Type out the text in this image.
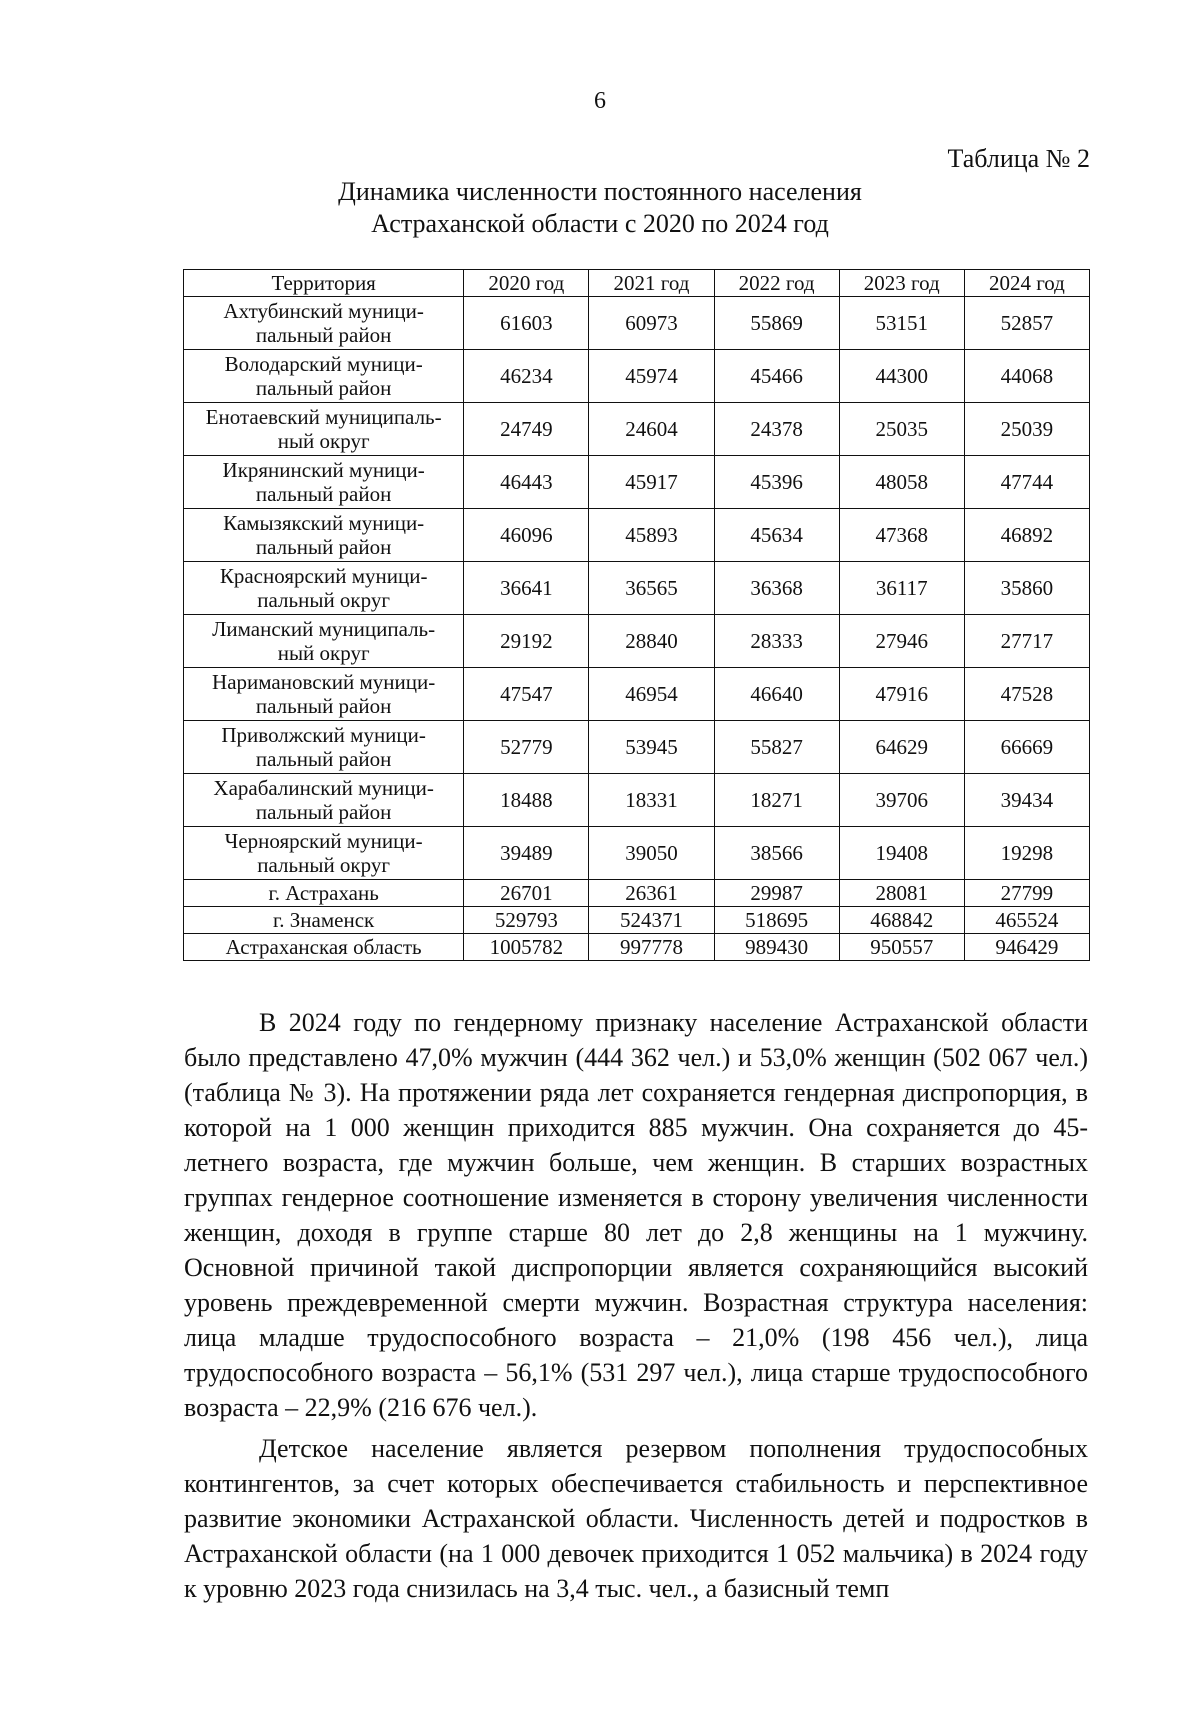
6
Таблица № 2
Динамика численности постоянного населения
Астраханской области с 2020 по 2024 год
Территория	2020 год	2021 год	2022 год	2023 год	2024 год

Ахтубинский муници-
пальный район	61603	60973	55869	53151	52857

Володарский муници-
пальный район	46234	45974	45466	44300	44068

Енотаевский муниципаль-
ный округ	24749	24604	24378	25035	25039

Икрянинский муници-
пальный район	46443	45917	45396	48058	47744

Камызякский муници-
пальный район	46096	45893	45634	47368	46892

Красноярский муници-
пальный округ	36641	36565	36368	36117	35860

Лиманский муниципаль-
ный округ	29192	28840	28333	27946	27717

Наримановский муници-
пальный район	47547	46954	46640	47916	47528

Приволжский муници-
пальный район	52779	53945	55827	64629	66669

Харабалинский муници-
пальный район	18488	18331	18271	39706	39434

Черноярский муници-
пальный округ	39489	39050	38566	19408	19298

г. Астрахань	26701	26361	29987	28081	27799

г. Знаменск	529793	524371	518695	468842	465524

Астраханская область	1005782	997778	989430	950557	946429

В 2024 году по гендерному признаку население Астраханской области было представлено 47,0% мужчин (444 362 чел.) и 53,0% женщин (502 067 чел.) (таблица № 3). На протяжении ряда лет сохраняется гендерная диспропорция, в которой на 1 000 женщин приходится 885 мужчин. Она сохраняется до 45-летнего возраста, где мужчин больше, чем женщин. В старших возрастных группах гендерное соотношение изменяется в сторону увеличения численности женщин, доходя в группе старше 80 лет до 2,8 женщины на 1 мужчину. Основной причиной такой диспропорции является сохраняющийся высокий уровень преждевременной смерти мужчин. Возрастная структура населения: лица младше трудоспособного возраста – 21,0% (198 456 чел.), лица трудоспособного возраста – 56,1% (531 297 чел.), лица старше трудоспособного возраста – 22,9% (216 676 чел.).

Детское население является резервом пополнения трудоспособных контингентов, за счет которых обеспечивается стабильность и перспективное развитие экономики Астраханской области. Численность детей и подростков в Астраханской области (на 1 000 девочек приходится 1 052 мальчика) в 2024 году к уровню 2023 года снизилась на 3,4 тыс. чел., а базисный темп
